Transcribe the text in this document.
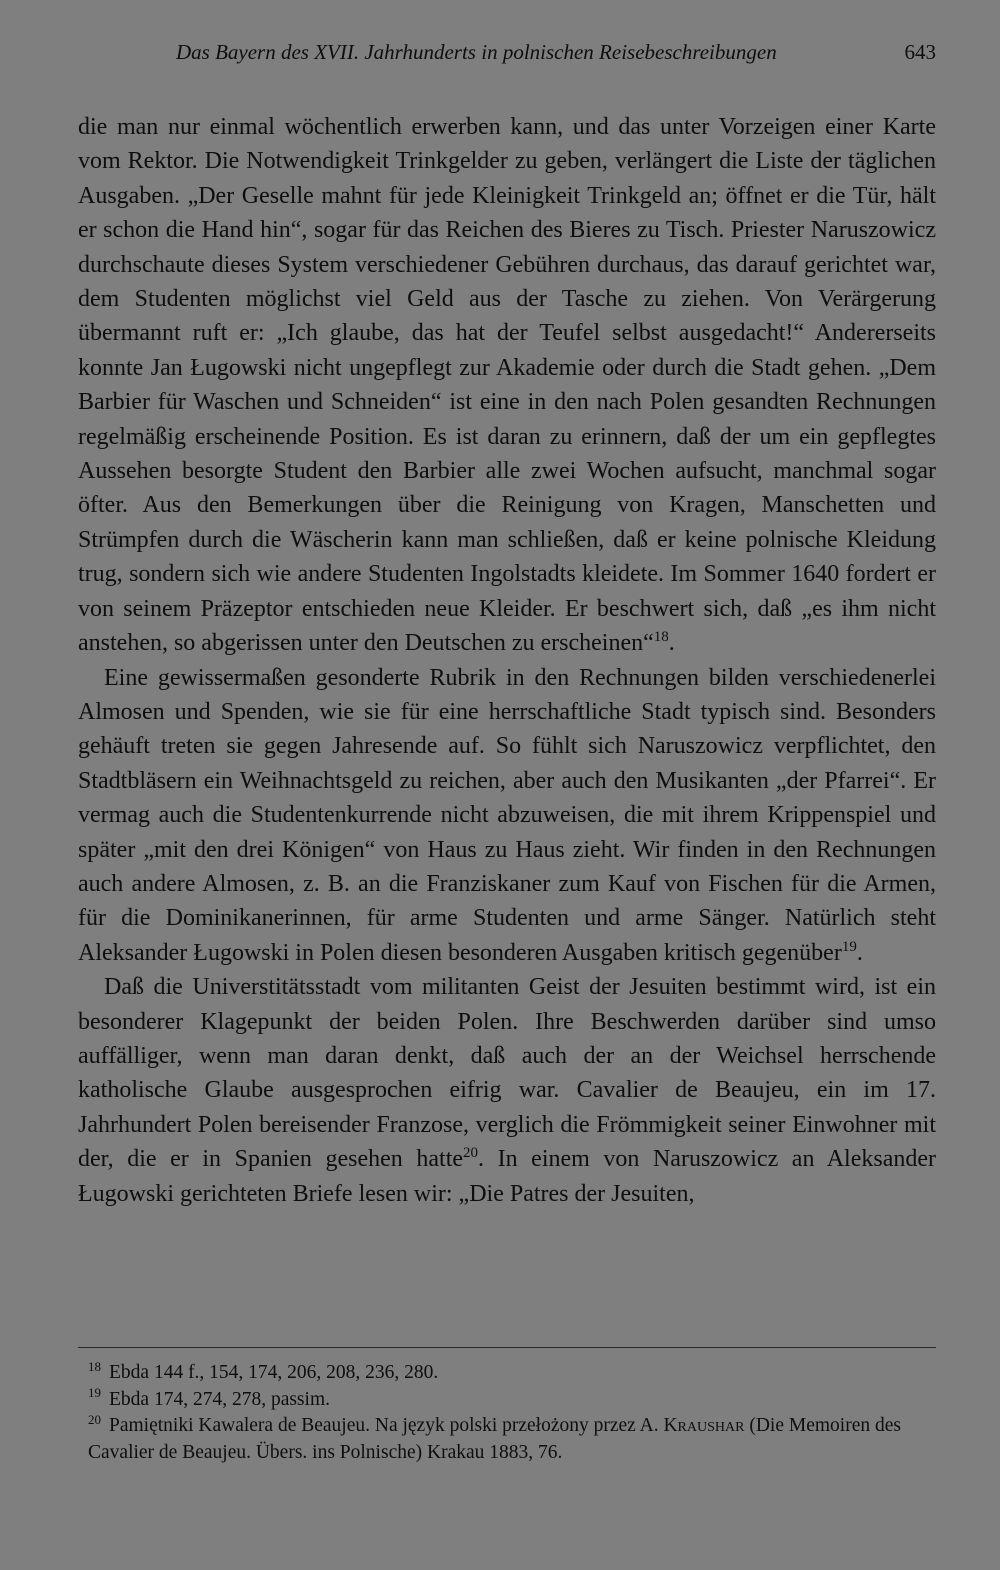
Das Bayern des XVII. Jahrhunderts in polnischen Reisebeschreibungen	643

die man nur einmal wöchentlich erwerben kann, und das unter Vorzeigen einer Karte vom Rektor. Die Notwendigkeit Trinkgelder zu geben, verlängert die Liste der täglichen Ausgaben. „Der Geselle mahnt für jede Kleinigkeit Trinkgeld an; öffnet er die Tür, hält er schon die Hand hin“, sogar für das Reichen des Bieres zu Tisch. Priester Naruszowicz durchschaute dieses System verschiedener Gebühren durchaus, das darauf gerichtet war, dem Studenten möglichst viel Geld aus der Tasche zu ziehen. Von Verärgerung übermannt ruft er: „Ich glaube, das hat der Teufel selbst ausgedacht!“ Andererseits konnte Jan Ługowski nicht ungepflegt zur Akademie oder durch die Stadt gehen. „Dem Barbier für Waschen und Schneiden“ ist eine in den nach Polen gesandten Rechnungen regelmäßig erscheinende Position. Es ist daran zu erinnern, daß der um ein gepflegtes Aussehen besorgte Student den Barbier alle zwei Wochen aufsucht, manchmal sogar öfter. Aus den Bemerkungen über die Reinigung von Kragen, Manschetten und Strümpfen durch die Wäscherin kann man schließen, daß er keine polnische Kleidung trug, sondern sich wie andere Studenten Ingolstadts kleidete. Im Sommer 1640 fordert er von seinem Präzeptor entschieden neue Kleider. Er beschwert sich, daß „es ihm nicht anstehen, so abgerissen unter den Deutschen zu erscheinen“$^{18}$.

Eine gewissermaßen gesonderte Rubrik in den Rechnungen bilden verschiedenerlei Almosen und Spenden, wie sie für eine herrschaftliche Stadt typisch sind. Besonders gehäuft treten sie gegen Jahresende auf. So fühlt sich Naruszowicz verpflichtet, den Stadtbläsern ein Weihnachtsgeld zu reichen, aber auch den Musikanten „der Pfarrei“. Er vermag auch die Studentenkurrende nicht abzuweisen, die mit ihrem Krippenspiel und später „mit den drei Königen“ von Haus zu Haus zieht. Wir finden in den Rechnungen auch andere Almosen, z. B. an die Franziskaner zum Kauf von Fischen für die Armen, für die Dominikanerinnen, für arme Studenten und arme Sänger. Natürlich steht Aleksander Ługowski in Polen diesen besonderen Ausgaben kritisch gegenüber$^{19}$.

Daß die Universtitätsstadt vom militanten Geist der Jesuiten bestimmt wird, ist ein besonderer Klagepunkt der beiden Polen. Ihre Beschwerden darüber sind umso auffälliger, wenn man daran denkt, daß auch der an der Weichsel herrschende katholische Glaube ausgesprochen eifrig war. Cavalier de Beaujeu, ein im 17. Jahrhundert Polen bereisender Franzose, verglich die Frömmigkeit seiner Einwohner mit der, die er in Spanien gesehen hatte$^{20}$. In einem von Naruszowicz an Aleksander Ługowski gerichteten Briefe lesen wir: „Die Patres der Jesuiten,

$^{18}$ Ebda 144 f., 154, 174, 206, 208, 236, 280.

$^{19}$ Ebda 174, 274, 278, passim.

$^{20}$ Pamiętniki Kawalera de Beaujeu. Na język polski przełożony przez A. Kraushar (Die Memoiren des Cavalier de Beaujeu. Übers. ins Polnische) Krakau 1883, 76.
